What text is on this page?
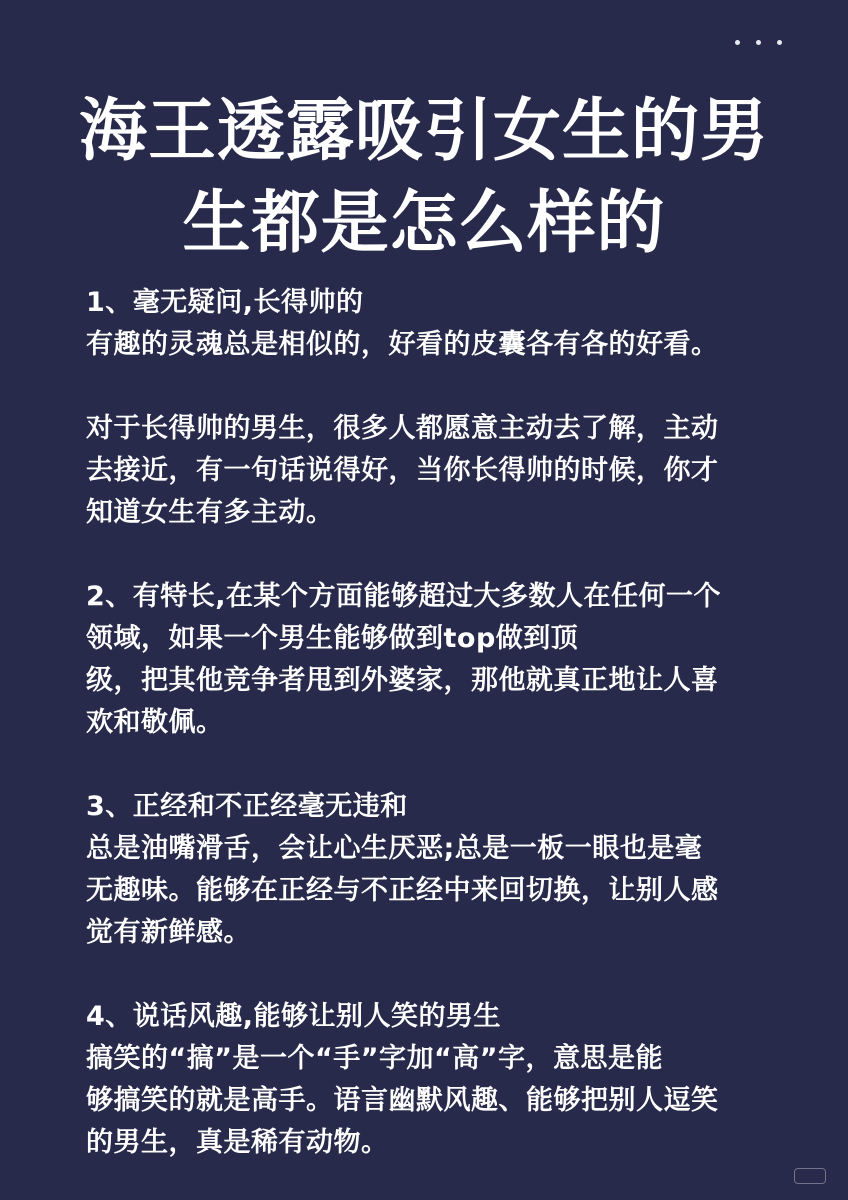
海王透露吸引女生的男
生都是怎么样的
1、毫无疑问,长得帅的
有趣的灵魂总是相似的，好看的皮囊各有各的好看。
对于长得帅的男生，很多人都愿意主动去了解，主动
去接近，有一句话说得好，当你长得帅的时候，你才
知道女生有多主动。
2、有特长,在某个方面能够超过大多数人在任何一个
领域，如果一个男生能够做到top做到顶
级，把其他竞争者甩到外婆家，那他就真正地让人喜
欢和敬佩。
3、正经和不正经毫无违和
总是油嘴滑舌，会让心生厌恶;总是一板一眼也是毫
无趣味。能够在正经与不正经中来回切换，让别人感
觉有新鲜感。
4、说话风趣,能够让别人笑的男生
搞笑的“搞”是一个“手”字加“高”字，意思是能
够搞笑的就是高手。语言幽默风趣、能够把别人逗笑
的男生，真是稀有动物。
